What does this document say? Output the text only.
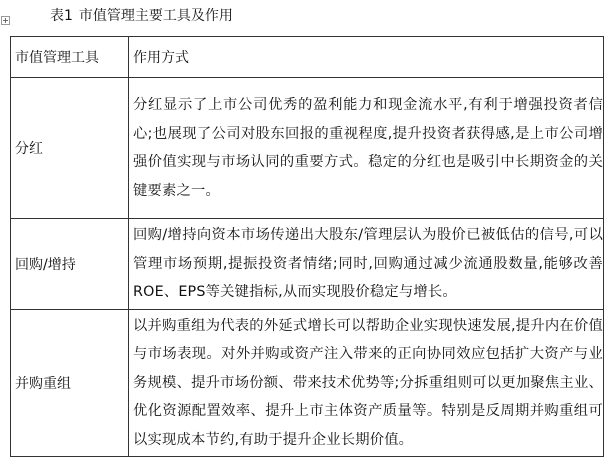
表1 市值管理主要工具及作用
市值管理工具	作用方式

分红	分红显示了上市公司优秀的盈利能力和现金流水平,有利于增强投资者信心;也展现了公司对股东回报的重视程度,提升投资者获得感,是上市公司增强价值实现与市场认同的重要方式。稳定的分红也是吸引中长期资金的关键要素之一。

回购/增持	回购/增持向资本市场传递出大股东/管理层认为股价已被低估的信号,可以管理市场预期,提振投资者情绪;同时,回购通过减少流通股数量,能够改善ROE、EPS等关键指标,从而实现股价稳定与增长。

并购重组	以并购重组为代表的外延式增长可以帮助企业实现快速发展,提升内在价值与市场表现。对外并购或资产注入带来的正向协同效应包括扩大资产与业务规模、提升市场份额、带来技术优势等;分拆重组则可以更加聚焦主业、优化资源配置效率、提升上市主体资产质量等。特别是反周期并购重组可以实现成本节约,有助于提升企业长期价值。
